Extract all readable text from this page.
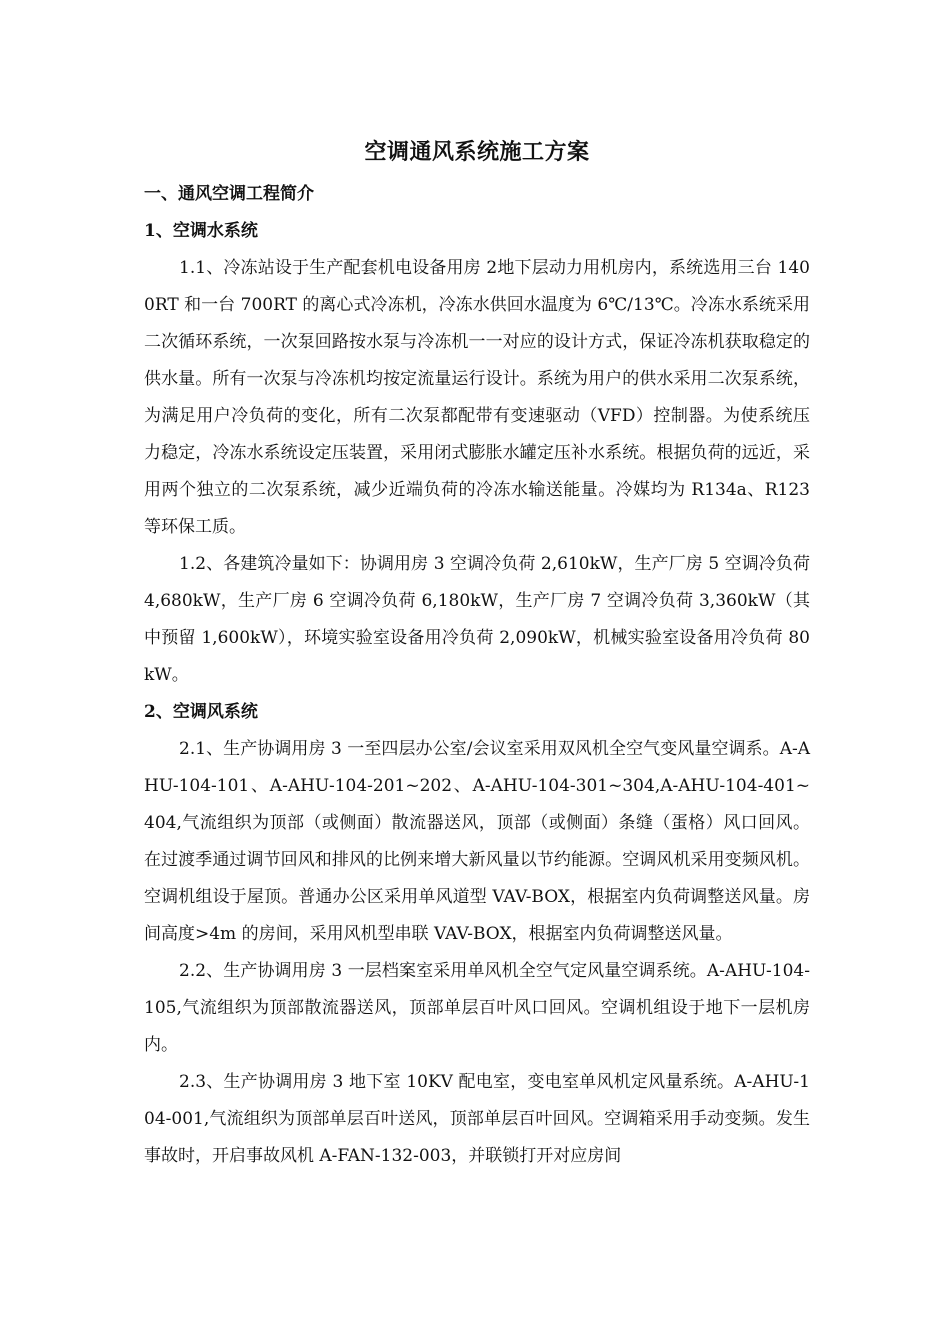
空调通风系统施工方案

一、通风空调工程简介

1、空调水系统

1.1、冷冻站设于生产配套机电设备用房 2地下层动力用机房内，系统选用三台 1400RT 和一台 700RT 的离心式冷冻机，冷冻水供回水温度为 6℃/13℃。冷冻水系统采用二次循环系统，一次泵回路按水泵与冷冻机一一对应的设计方式，保证冷冻机获取稳定的供水量。所有一次泵与冷冻机均按定流量运行设计。系统为用户的供水采用二次泵系统，为满足用户冷负荷的变化，所有二次泵都配带有变速驱动（VFD）控制器。为使系统压力稳定，冷冻水系统设定压装置，采用闭式膨胀水罐定压补水系统。根据负荷的远近，采用两个独立的二次泵系统，减少近端负荷的冷冻水输送能量。冷媒均为 R134a、R123 等环保工质。

1.2、各建筑冷量如下：协调用房 3 空调冷负荷 2,610kW，生产厂房 5 空调冷负荷 4,680kW，生产厂房 6 空调冷负荷 6,180kW，生产厂房 7 空调冷负荷 3,360kW（其中预留 1,600kW），环境实验室设备用冷负荷 2,090kW，机械实验室设备用冷负荷 80kW。

2、空调风系统

2.1、生产协调用房 3 一至四层办公室/会议室采用双风机全空气变风量空调系。A-AHU-104-101、A-AHU-104-201~202、A-AHU-104-301~304,A-AHU-104-401~404,气流组织为顶部（或侧面）散流器送风，顶部（或侧面）条缝（蛋格）风口回风。在过渡季通过调节回风和排风的比例来增大新风量以节约能源。空调风机采用变频风机。空调机组设于屋顶。普通办公区采用单风道型 VAV-BOX，根据室内负荷调整送风量。房间高度>4m 的房间，采用风机型串联 VAV-BOX，根据室内负荷调整送风量。

2.2、生产协调用房 3 一层档案室采用单风机全空气定风量空调系统。A-AHU-104-105,气流组织为顶部散流器送风，顶部单层百叶风口回风。空调机组设于地下一层机房内。

2.3、生产协调用房 3 地下室 10KV 配电室，变电室单风机定风量系统。A-AHU-104-001,气流组织为顶部单层百叶送风，顶部单层百叶回风。空调箱采用手动变频。发生事故时，开启事故风机 A-FAN-132-003，并联锁打开对应房间
